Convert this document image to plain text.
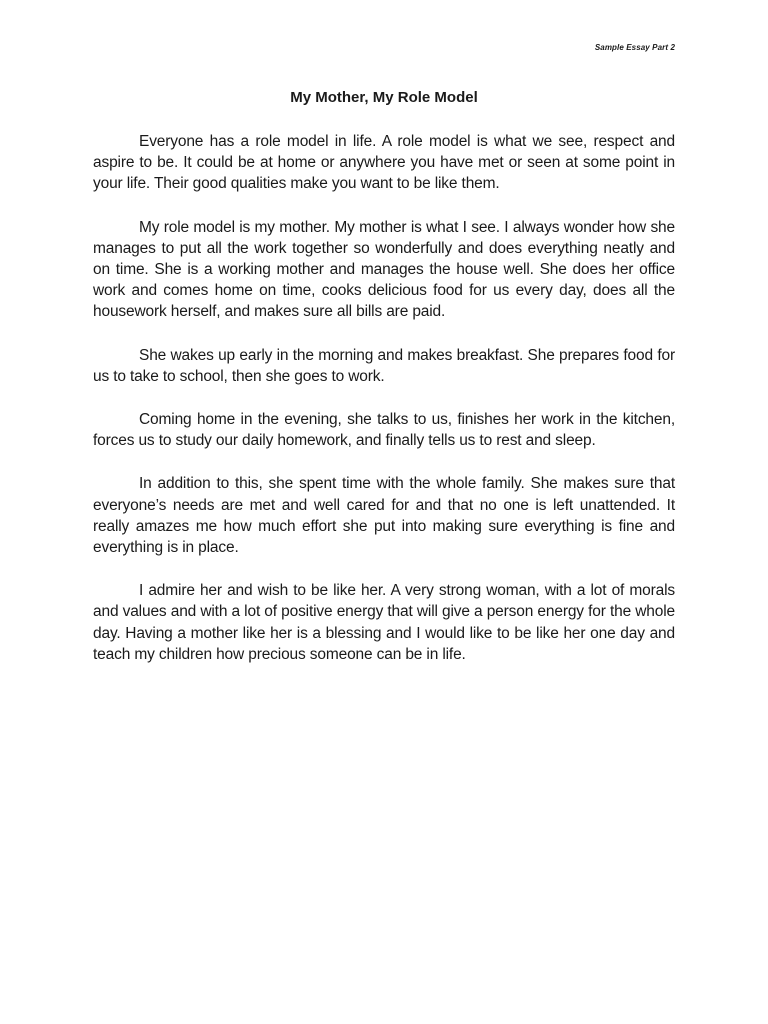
Sample Essay Part 2
My Mother, My Role Model

Everyone has a role model in life. A role model is what we see, respect and aspire to be. It could be at home or anywhere you have met or seen at some point in your life. Their good qualities make you want to be like them.

My role model is my mother. My mother is what I see. I always wonder how she manages to put all the work together so wonderfully and does everything neatly and on time. She is a working mother and manages the house well. She does her office work and comes home on time, cooks delicious food for us every day, does all the housework herself, and makes sure all bills are paid.

She wakes up early in the morning and makes breakfast. She prepares food for us to take to school, then she goes to work.

Coming home in the evening, she talks to us, finishes her work in the kitchen, forces us to study our daily homework, and finally tells us to rest and sleep.

In addition to this, she spent time with the whole family. She makes sure that everyone’s needs are met and well cared for and that no one is left unattended. It really amazes me how much effort she put into making sure everything is fine and everything is in place.

I admire her and wish to be like her. A very strong woman, with a lot of morals and values and with a lot of positive energy that will give a person energy for the whole day. Having a mother like her is a blessing and I would like to be like her one day and teach my children how precious someone can be in life.
